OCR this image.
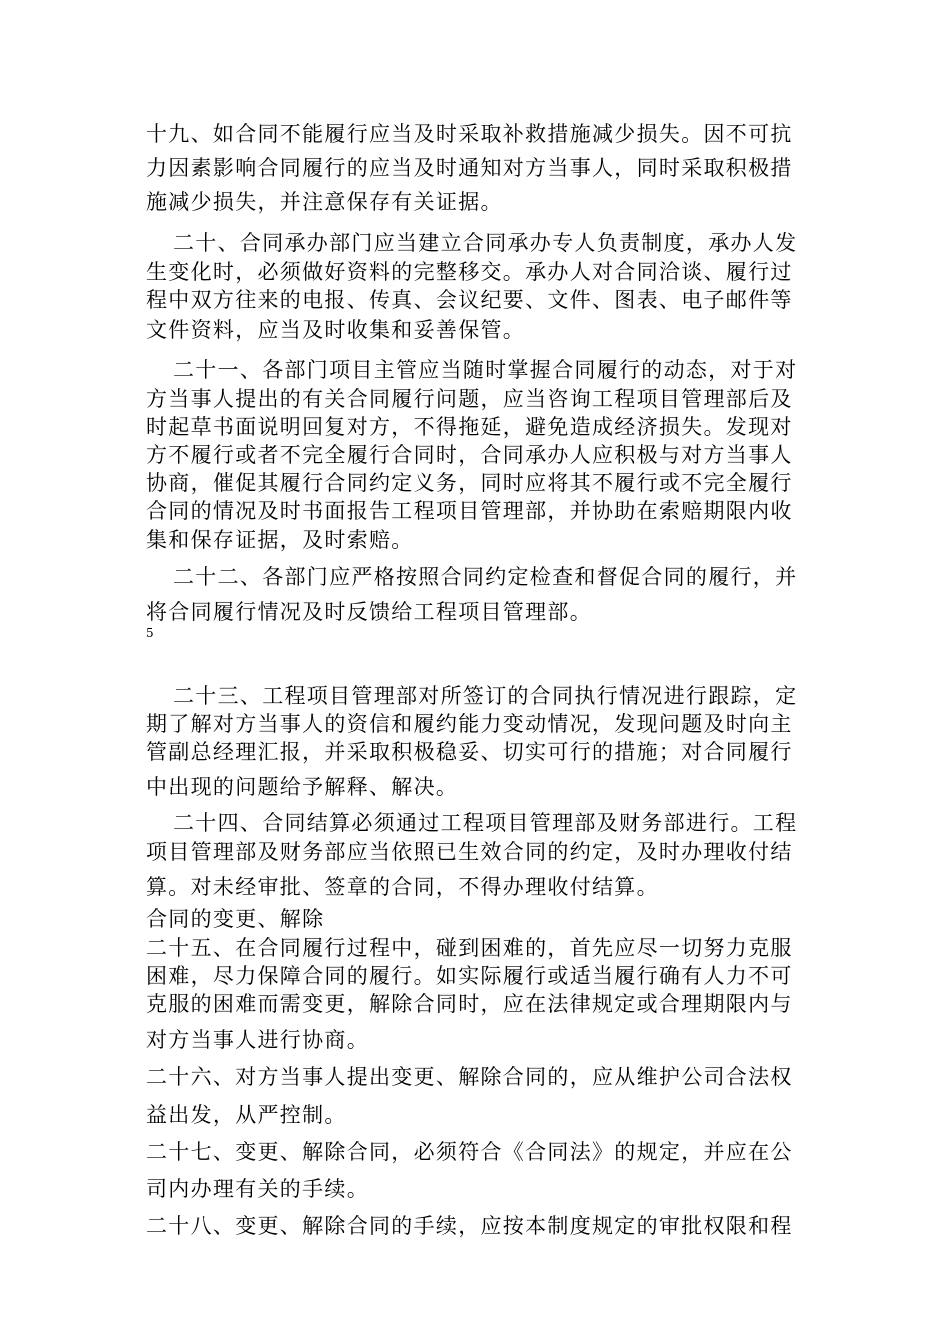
十九、如合同不能履行应当及时采取补救措施减少损失。因不可抗

力因素影响合同履行的应当及时通知对方当事人，同时采取积极措

施减少损失，并注意保存有关证据。

二十、合同承办部门应当建立合同承办专人负责制度，承办人发

生变化时，必须做好资料的完整移交。承办人对合同洽谈、履行过

程中双方往来的电报、传真、会议纪要、文件、图表、电子邮件等

文件资料，应当及时收集和妥善保管。

二十一、各部门项目主管应当随时掌握合同履行的动态，对于对

方当事人提出的有关合同履行问题，应当咨询工程项目管理部后及

时起草书面说明回复对方，不得拖延，避免造成经济损失。发现对

方不履行或者不完全履行合同时，合同承办人应积极与对方当事人

协商，催促其履行合同约定义务，同时应将其不履行或不完全履行

合同的情况及时书面报告工程项目管理部，并协助在索赔期限内收

集和保存证据，及时索赔。

二十二、各部门应严格按照合同约定检查和督促合同的履行，并

将合同履行情况及时反馈给工程项目管理部。

5

二十三、工程项目管理部对所签订的合同执行情况进行跟踪，定

期了解对方当事人的资信和履约能力变动情况，发现问题及时向主

管副总经理汇报，并采取积极稳妥、切实可行的措施；对合同履行

中出现的问题给予解释、解决。

二十四、合同结算必须通过工程项目管理部及财务部进行。工程

项目管理部及财务部应当依照已生效合同的约定，及时办理收付结

算。对未经审批、签章的合同，不得办理收付结算。

合同的变更、解除

二十五、在合同履行过程中，碰到困难的，首先应尽一切努力克服

困难，尽力保障合同的履行。如实际履行或适当履行确有人力不可

克服的困难而需变更，解除合同时，应在法律规定或合理期限内与

对方当事人进行协商。

二十六、对方当事人提出变更、解除合同的，应从维护公司合法权

益出发，从严控制。

二十七、变更、解除合同，必须符合《合同法》的规定，并应在公

司内办理有关的手续。

二十八、变更、解除合同的手续，应按本制度规定的审批权限和程
